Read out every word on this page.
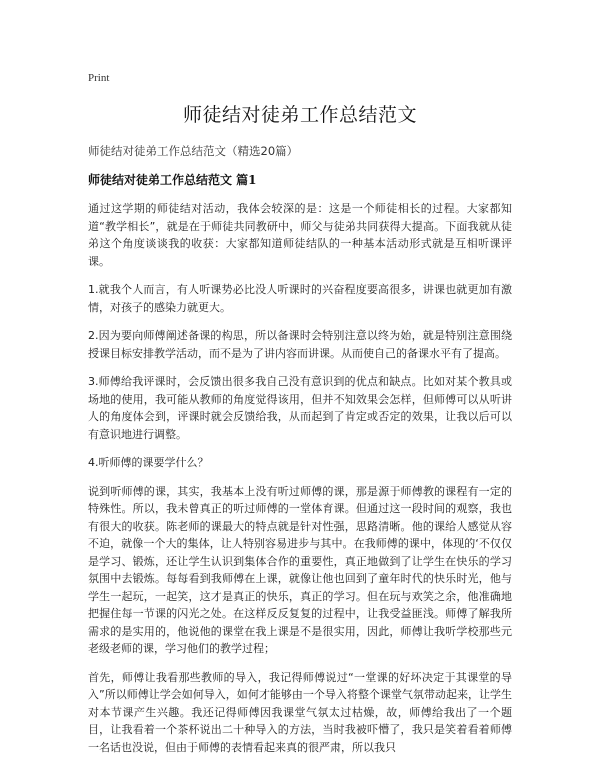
Print
师徒结对徒弟工作总结范文
师徒结对徒弟工作总结范文（精选20篇）
师徒结对徒弟工作总结范文 篇1

通过这学期的师徒结对活动，我体会较深的是：这是一个师徒相长的过程。大家都知道“教学相长”，就是在于师徒共同教研中，师父与徒弟共同获得大提高。下面我就从徒弟这个角度谈谈我的收获：大家都知道师徒结队的一种基本活动形式就是互相听课评课。

1.就我个人而言，有人听课势必比没人听课时的兴奋程度要高很多，讲课也就更加有激情，对孩子的感染力就更大。

2.因为要向师傅阐述备课的构思，所以备课时会特别注意以终为始，就是特别注意围绕授课目标安排教学活动，而不是为了讲内容而讲课。从而使自己的备课水平有了提高。

3.师傅给我评课时，会反馈出很多我自己没有意识到的优点和缺点。比如对某个教具或场地的使用，我可能从教师的角度觉得该用，但并不知效果会怎样，但师傅可以从听讲人的角度体会到，评课时就会反馈给我，从而起到了肯定或否定的效果，让我以后可以有意识地进行调整。

4.听师傅的课要学什么？

说到听师傅的课，其实，我基本上没有听过师傅的课，那是源于师傅教的课程有一定的特殊性。所以，我未曾真正的听过师傅的一堂体育课。但通过这一段时间的观察，我也有很大的收获。陈老师的课最大的特点就是针对性强，思路清晰。他的课给人感觉从容不迫，就像一个大的集体，让人特别容易进步与其中。在我师傅的课中，体现的‘不仅仅是学习、锻炼，还让学生认识到集体合作的重要性，真正地做到了让学生在快乐的学习氛围中去锻炼。每每看到我师傅在上课，就像让他也回到了童年时代的快乐时光，他与学生一起玩，一起笑，这才是真正的快乐，真正的学习。但在玩与欢笑之余，他准确地把握住每一节课的闪光之处。在这样反反复复的过程中，让我受益匪浅。师傅了解我所需求的是实用的，他说他的课堂在我上课是不是很实用，因此，师傅让我听学校那些元老级老师的课，学习他们的教学过程；

首先，师傅让我看那些教师的导入，我记得师傅说过“一堂课的好坏决定于其课堂的导入”所以师傅让学会如何导入，如何才能够由一个导入将整个课堂气氛带动起来，让学生对本节课产生兴趣。我还记得师傅因我课堂气氛太过枯燥，故，师傅给我出了一个题目，让我看着一个茶杯说出二十种导入的方法，当时我被吓懵了，我只是笑着看着师傅一名话也没说，但由于师傅的表情看起来真的很严肃，所以我只
